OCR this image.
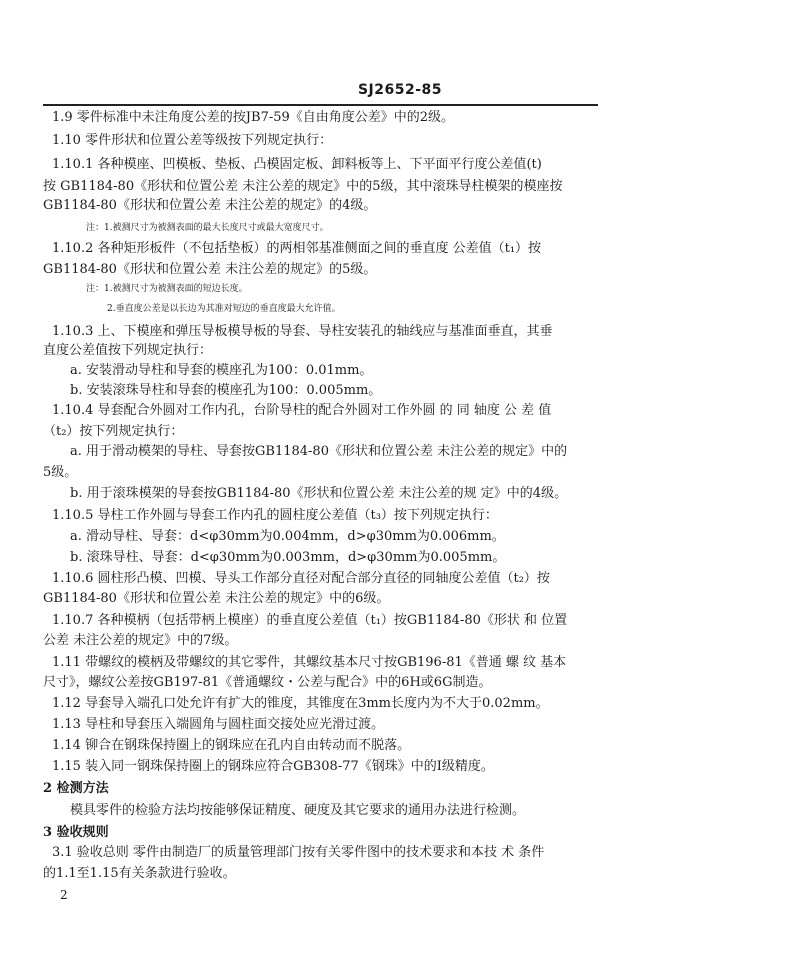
SJ2652-85
1.9 零件标准中未注角度公差的按JB7-59《自由角度公差》中的2级。
1.10 零件形状和位置公差等级按下列规定执行：
1.10.1 各种模座、凹模板、垫板、凸模固定板、卸料板等上、下平面平行度公差值(t)
按 GB1184-80《形状和位置公差 未注公差的规定》中的5级，其中滚珠导柱模架的模座按
GB1184-80《形状和位置公差 未注公差的规定》的4级。
注：1.被测尺寸为被测表面的最大长度尺寸或最大宽度尺寸。
1.10.2 各种矩形板件（不包括垫板）的两相邻基准侧面之间的垂直度 公差值（t₁）按
GB1184-80《形状和位置公差 未注公差的规定》的5级。
注：1.被测尺寸为被测表面的短边长度。
2.垂直度公差是以长边为其准对短边的垂直度最大允许值。
1.10.3 上、下模座和弹压导板模导板的导套、导柱安装孔的轴线应与基准面垂直，其垂
直度公差值按下列规定执行：
a. 安装滑动导柱和导套的模座孔为100：0.01mm。
b. 安装滚珠导柱和导套的模座孔为100：0.005mm。
1.10.4 导套配合外圆对工作内孔，台阶导柱的配合外圆对工作外圆 的 同 轴度 公 差 值
（t₂）按下列规定执行：
a. 用于滑动模架的导柱、导套按GB1184-80《形状和位置公差 未注公差的规定》中的
5级。
b. 用于滚珠模架的导套按GB1184-80《形状和位置公差 未注公差的规 定》中的4级。
1.10.5 导柱工作外圆与导套工作内孔的圆柱度公差值（t₃）按下列规定执行：
a. 滑动导柱、导套：d<φ30mm为0.004mm，d>φ30mm为0.006mm。
b. 滚珠导柱、导套：d<φ30mm为0.003mm，d>φ30mm为0.005mm。
1.10.6 圆柱形凸模、凹模、导头工作部分直径对配合部分直径的同轴度公差值（t₂）按
GB1184-80《形状和位置公差 未注公差的规定》中的6级。
1.10.7 各种模柄（包括带柄上模座）的垂直度公差值（t₁）按GB1184-80《形状 和 位置
公差 未注公差的规定》中的7级。
1.11 带螺纹的模柄及带螺纹的其它零件，其螺纹基本尺寸按GB196-81《普通 螺 纹 基本
尺寸》，螺纹公差按GB197-81《普通螺纹・公差与配合》中的6H或6G制造。
1.12 导套导入端孔口处允许有扩大的锥度，其锥度在3mm长度内为不大于0.02mm。
1.13 导柱和导套压入端圆角与圆柱面交接处应光滑过渡。
1.14 铆合在钢珠保持圈上的钢珠应在孔内自由转动而不脱落。
1.15 装入同一钢珠保持圈上的钢珠应符合GB308-77《钢珠》中的Ⅰ级精度。
2 检测方法
模具零件的检验方法均按能够保证精度、硬度及其它要求的通用办法进行检测。
3 验收规则
3.1 验收总则 零件由制造厂的质量管理部门按有关零件图中的技术要求和本技 术 条件
的1.1至1.15有关条款进行验收。
2
